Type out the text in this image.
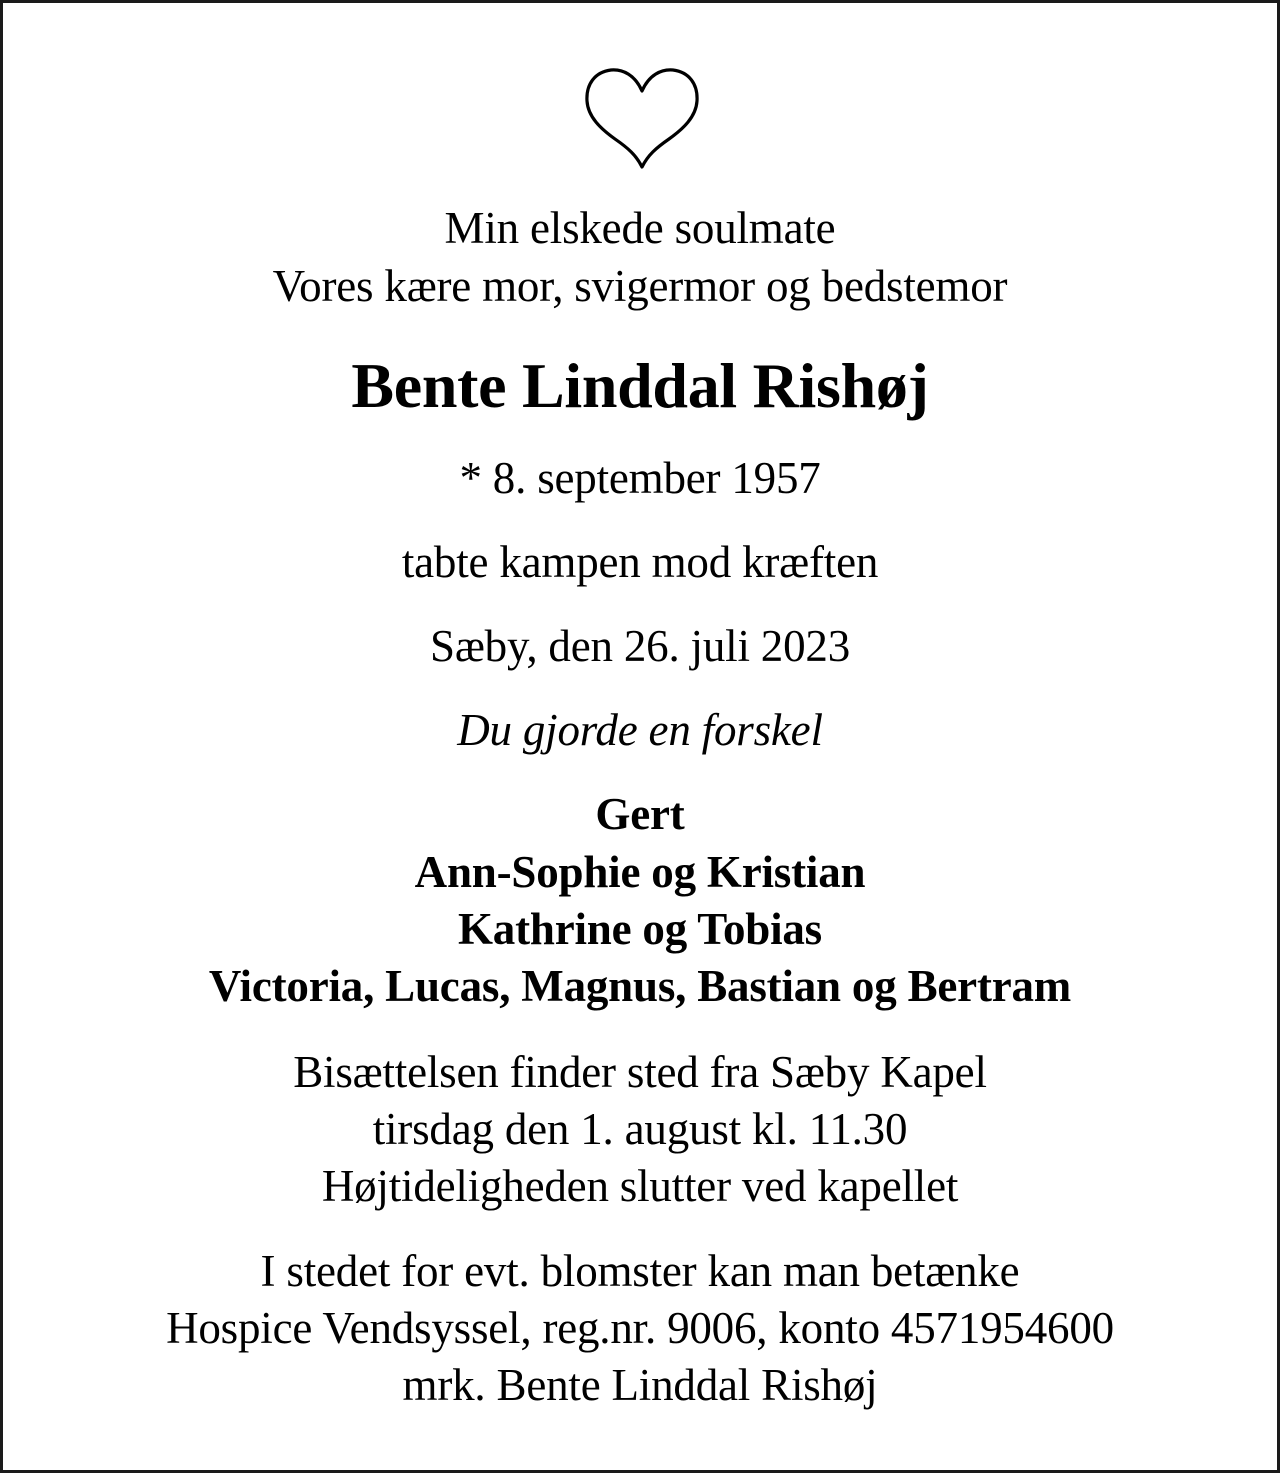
Min elskede soulmate
Vores kære mor, svigermor og bedstemor
Bente Linddal Rishøj
* 8. september 1957
tabte kampen mod kræften
Sæby, den 26. juli 2023
Du gjorde en forskel
Gert
Ann-Sophie og Kristian
Kathrine og Tobias
Victoria, Lucas, Magnus, Bastian og Bertram
Bisættelsen finder sted fra Sæby Kapel
tirsdag den 1. august kl. 11.30
Højtideligheden slutter ved kapellet
I stedet for evt. blomster kan man betænke
Hospice Vendsyssel, reg.nr. 9006, konto 4571954600
mrk. Bente Linddal Rishøj
